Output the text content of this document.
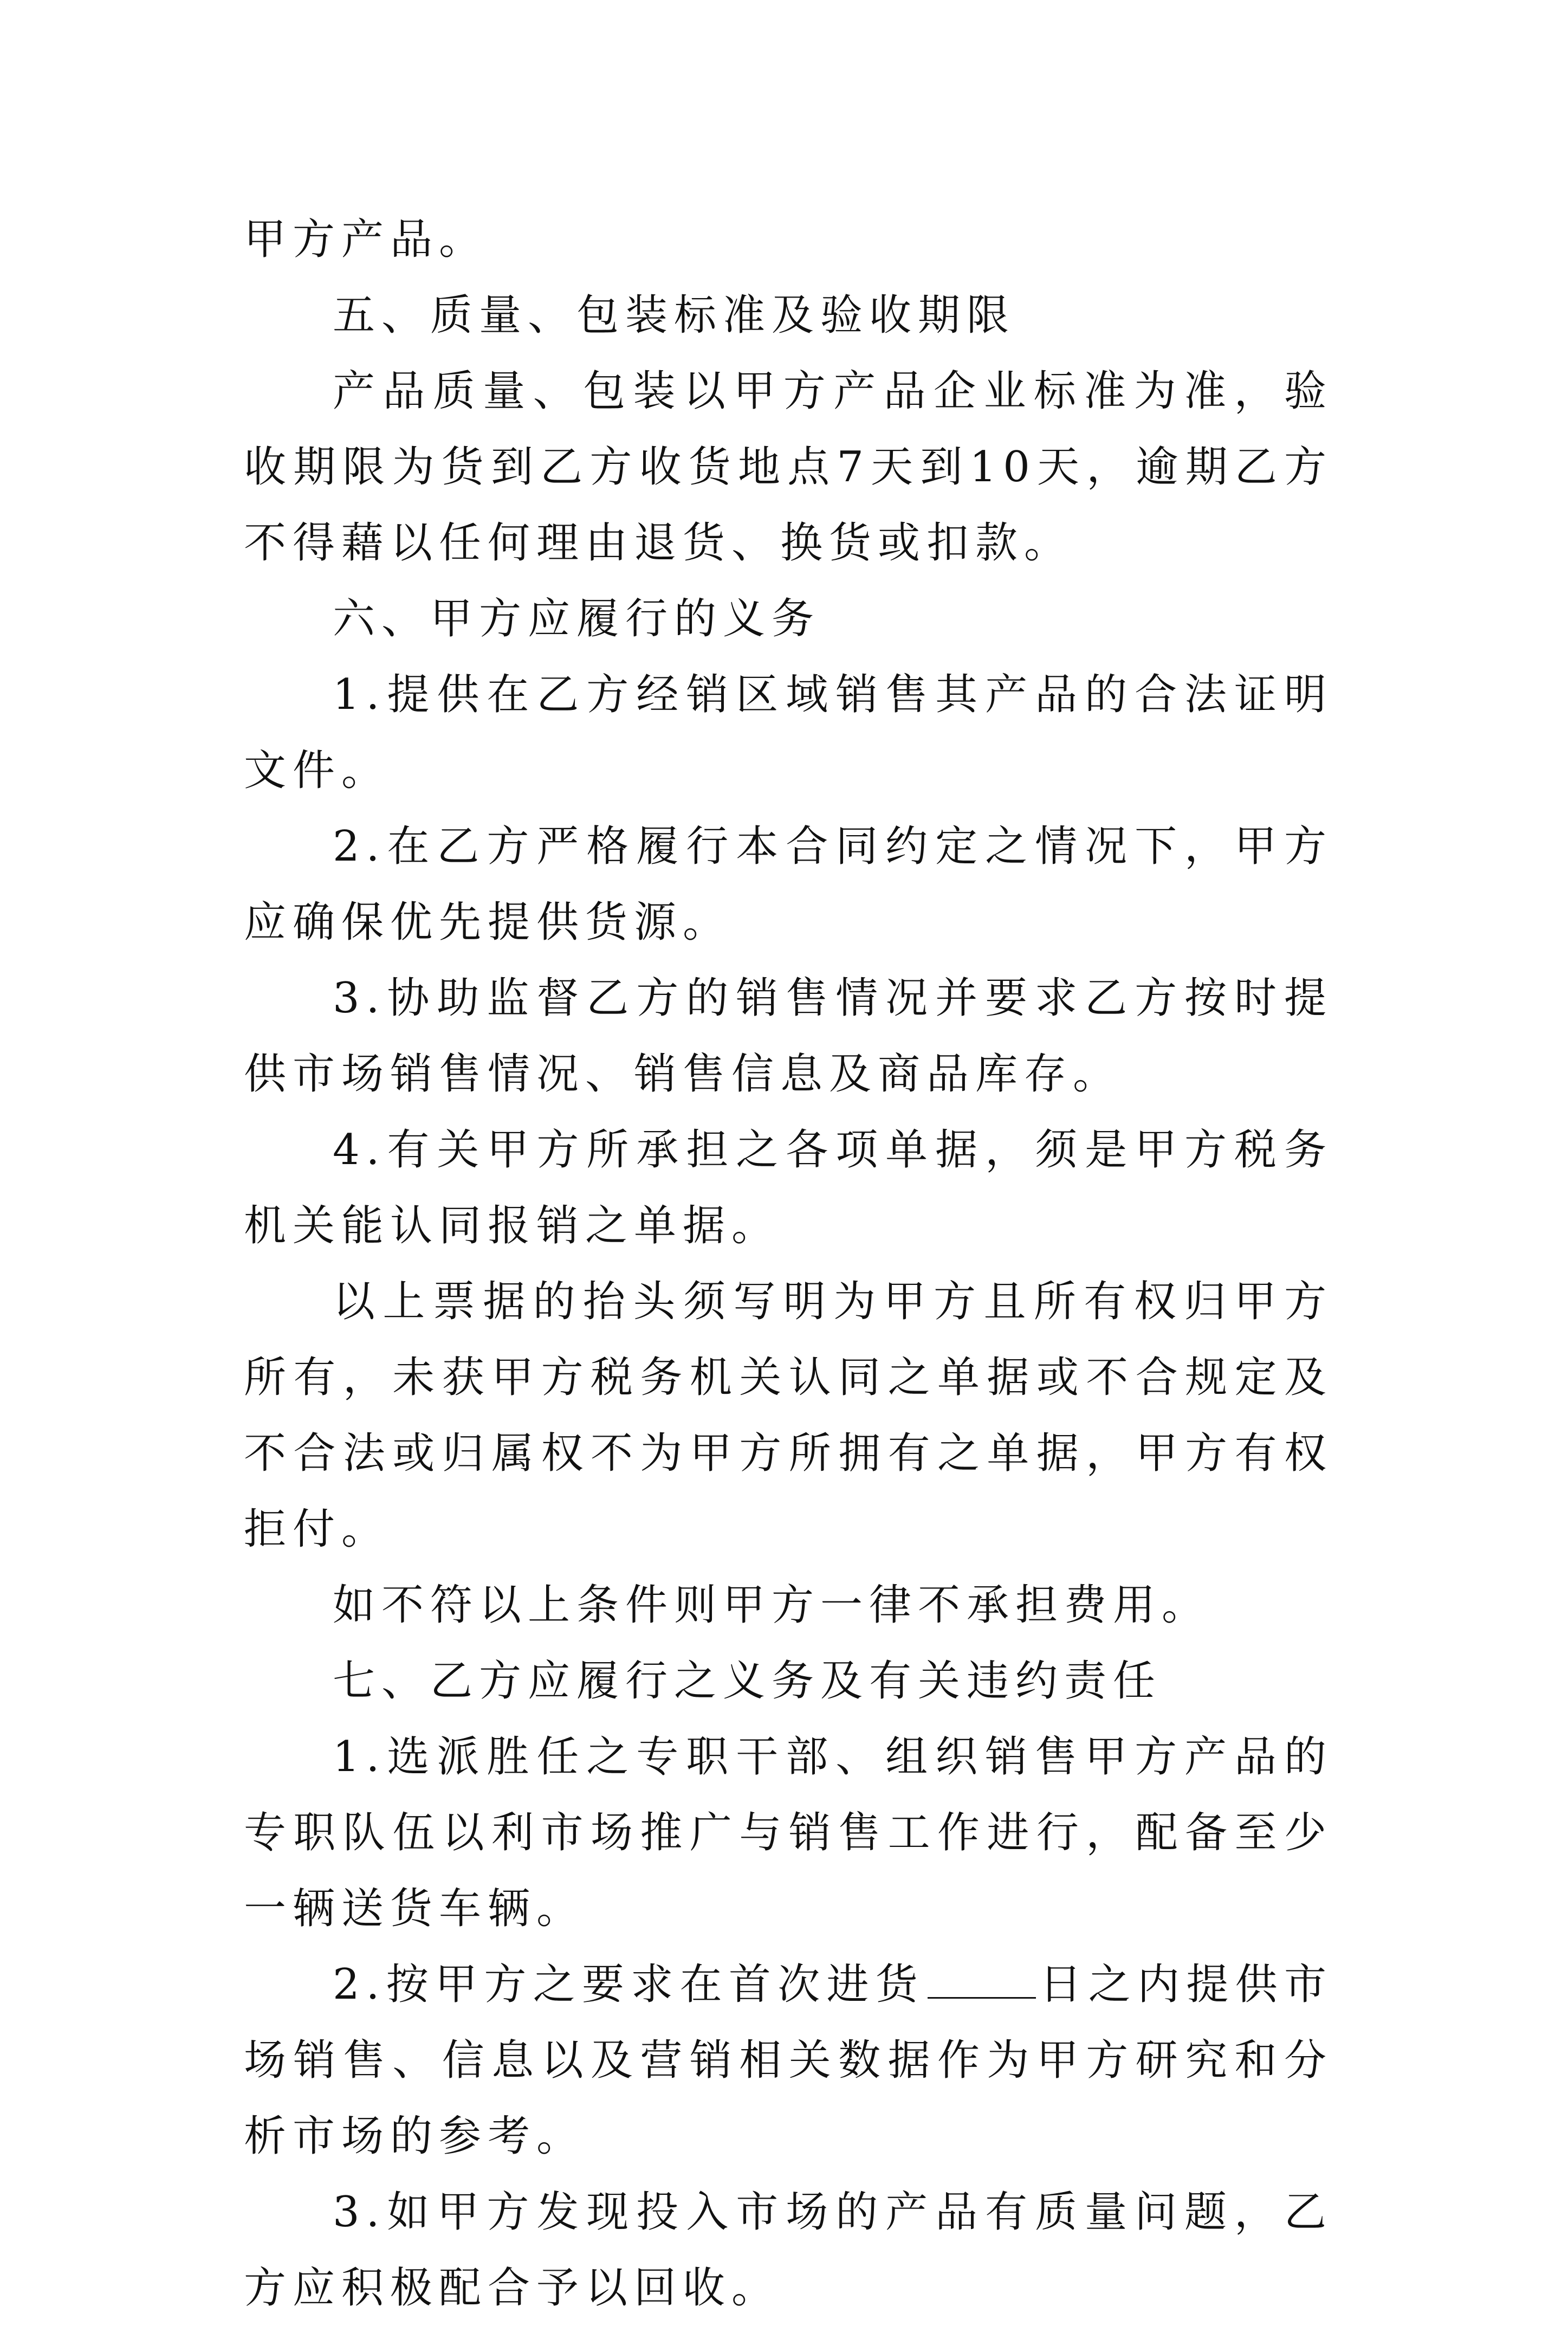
甲方产品。

五、质量、包装标准及验收期限

产品质量、包装以甲方产品企业标准为准，验收期限为货到乙方收货地点7天到10天，逾期乙方不得藉以任何理由退货、换货或扣款。

六、甲方应履行的义务

1.提供在乙方经销区域销售其产品的合法证明文件。

2.在乙方严格履行本合同约定之情况下，甲方应确保优先提供货源。

3.协助监督乙方的销售情况并要求乙方按时提供市场销售情况、销售信息及商品库存。

4.有关甲方所承担之各项单据，须是甲方税务机关能认同报销之单据。

以上票据的抬头须写明为甲方且所有权归甲方所有，未获甲方税务机关认同之单据或不合规定及不合法或归属权不为甲方所拥有之单据，甲方有权拒付。

如不符以上条件则甲方一律不承担费用。

七、乙方应履行之义务及有关违约责任

1.选派胜任之专职干部、组织销售甲方产品的专职队伍以利市场推广与销售工作进行，配备至少一辆送货车辆。

2.按甲方之要求在首次进货	日之内提供市场销售、信息以及营销相关数据作为甲方研究和分析市场的参考。

3.如甲方发现投入市场的产品有质量问题，乙方应积极配合予以回收。
